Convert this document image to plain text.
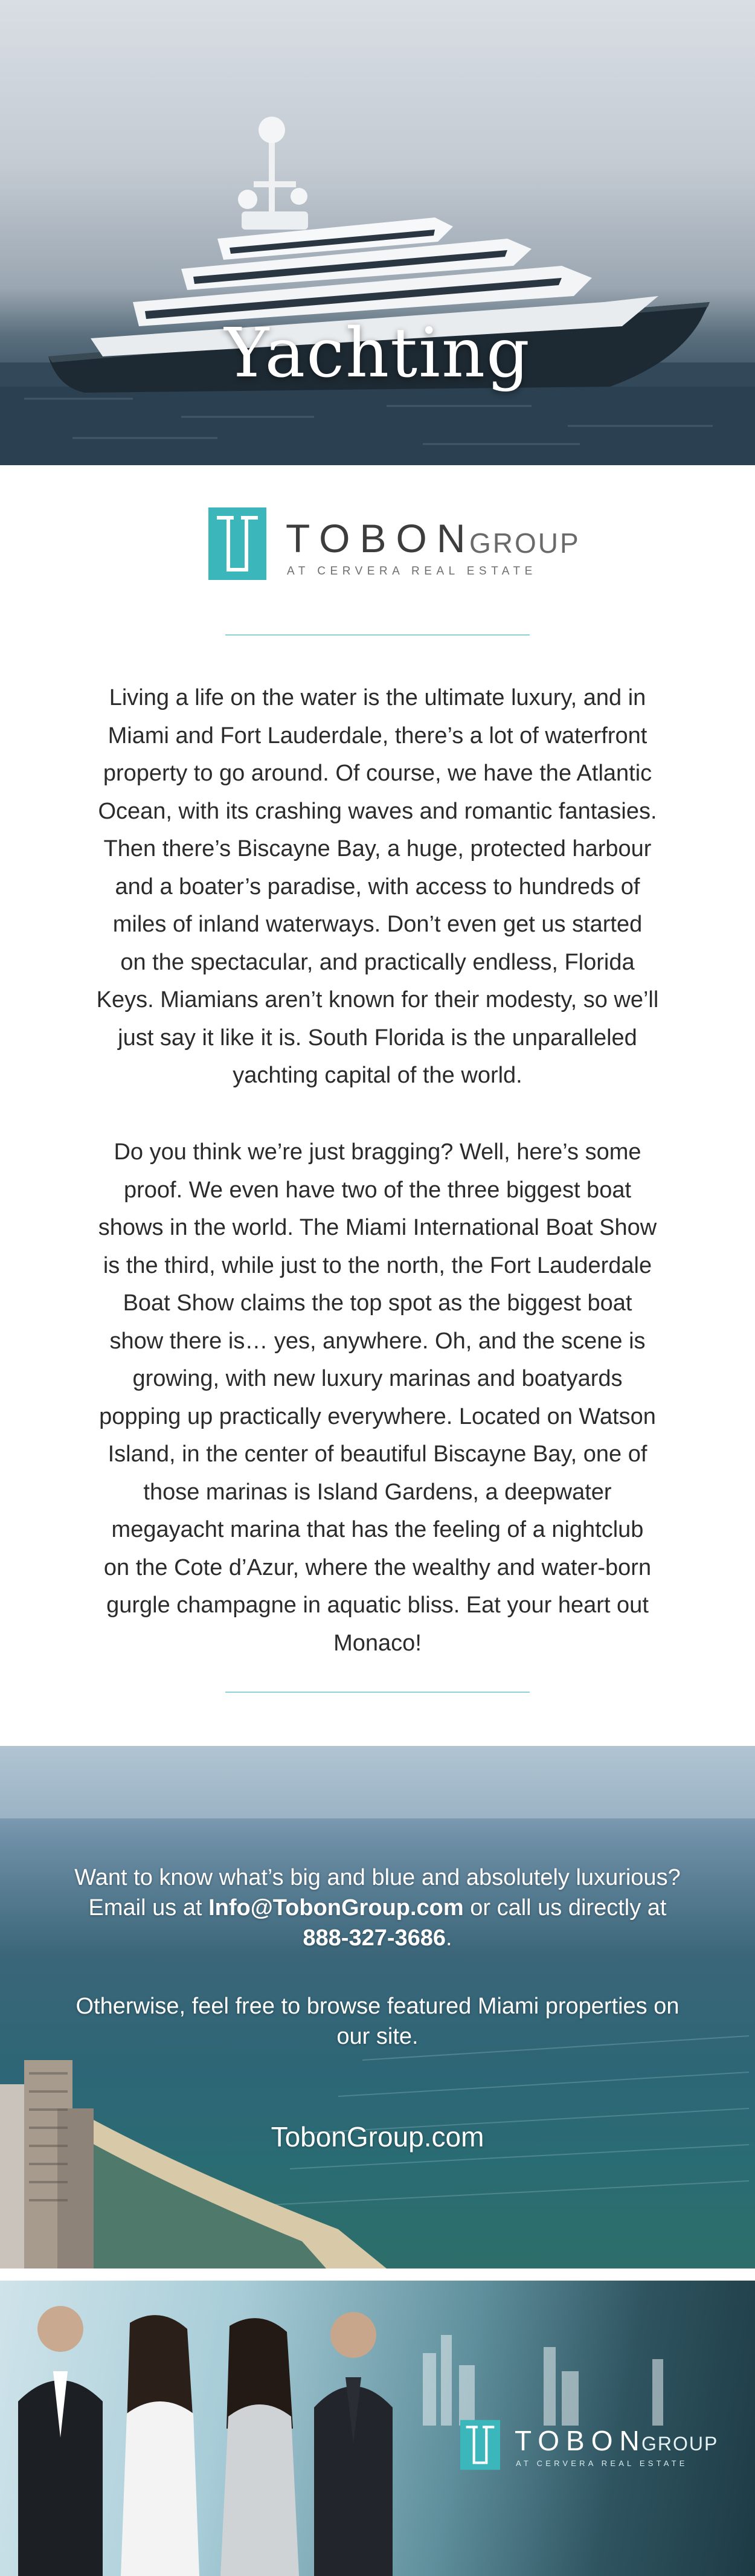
Yachting
TOBON
GROUP
AT CERVERA REAL ESTATE
Living a life on the water is the ultimate luxury, and in
Miami and Fort Lauderdale, there’s a lot of waterfront
property to go around. Of course, we have the Atlantic
Ocean, with its crashing waves and romantic fantasies.
Then there’s Biscayne Bay, a huge, protected harbour
and a boater’s paradise, with access to hundreds of
miles of inland waterways. Don’t even get us started
on the spectacular, and practically endless, Florida
Keys. Miamians aren’t known for their modesty, so we’ll
just say it like it is. South Florida is the unparalleled
yachting capital of the world.
Do you think we’re just bragging? Well, here’s some
proof. We even have two of the three biggest boat
shows in the world. The Miami International Boat Show
is the third, while just to the north, the Fort Lauderdale
Boat Show claims the top spot as the biggest boat
show there is… yes, anywhere. Oh, and the scene is
growing, with new luxury marinas and boatyards
popping up practically everywhere. Located on Watson
Island, in the center of beautiful Biscayne Bay, one of
those marinas is Island Gardens, a deepwater
megayacht marina that has the feeling of a nightclub
on the Cote d’Azur, where the wealthy and water-born
gurgle champagne in aquatic bliss. Eat your heart out
Monaco!
Want to know what’s big and blue and absolutely luxurious?
Email us at Info@TobonGroup.com or call us directly at
888-327-3686.
Otherwise, feel free to browse featured Miami properties on
our site.
TobonGroup.com
TOBON
GROUP
AT CERVERA REAL ESTATE
